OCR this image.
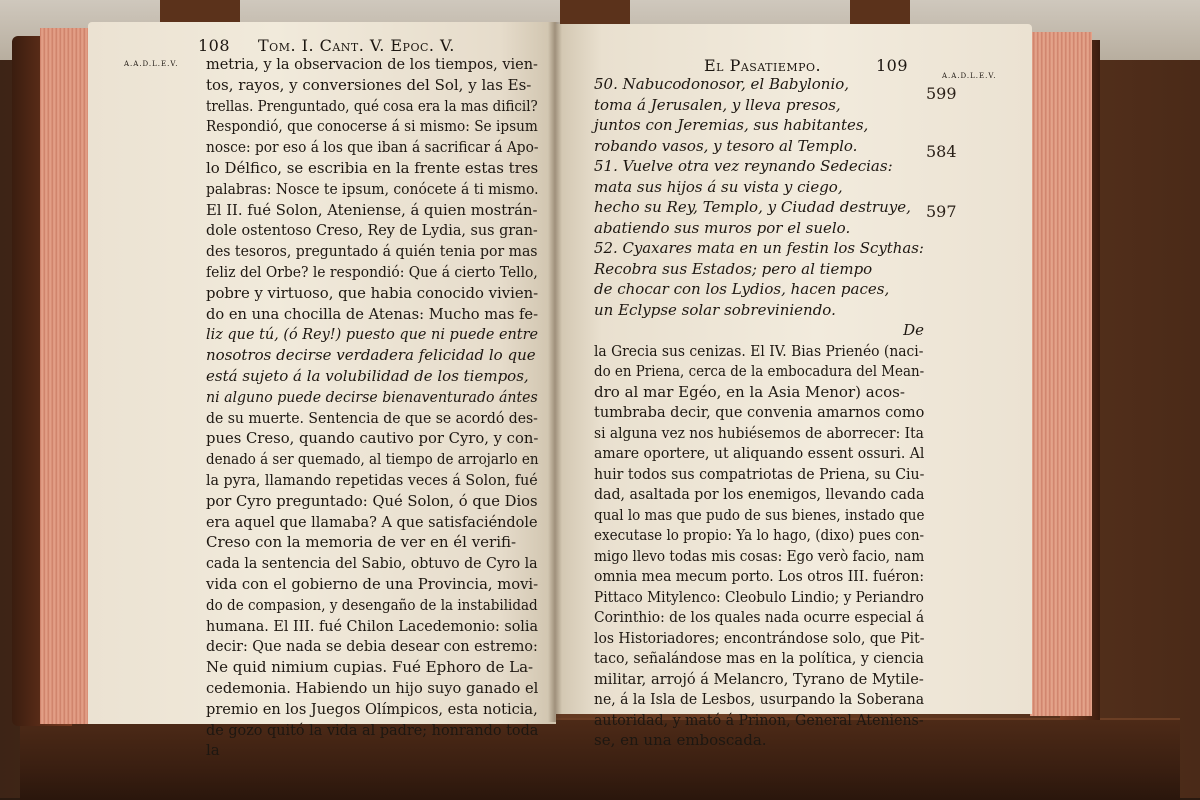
108 Tom. I. Cant. V. Epoc. V.
A.A.D.L.E.V. metria, y la observacion de los tiempos, vien-
tos, rayos, y conversiones del Sol, y las Es-
trellas. Prenguntado, qué cosa era la mas dificil?
Respondió, que conocerse á si mismo: Se ipsum
nosce: por eso á los que iban á sacrificar á Apo-
lo Délfico, se escribia en la frente estas tres
palabras: Nosce te ipsum, conócete á ti mismo.
El II. fué Solon, Ateniense, á quien mostrán-
dole ostentoso Creso, Rey de Lydia, sus gran-
des tesoros, preguntado á quién tenia por mas
feliz del Orbe? le respondió: Que á cierto Tello,
pobre y virtuoso, que habia conocido vivien-
do en una chocilla de Atenas: Mucho mas fe-
liz que tú, (ó Rey!) puesto que ni puede entre
nosotros decirse verdadera felicidad lo que
está sujeto á la volubilidad de los tiempos,
ni alguno puede decirse bienaventurado ántes
de su muerte. Sentencia de que se acordó des-
pues Creso, quando cautivo por Cyro, y con-
denado á ser quemado, al tiempo de arrojarlo en
la pyra, llamando repetidas veces á Solon, fué
por Cyro preguntado: Qué Solon, ó que Dios
era aquel que llamaba? A que satisfaciéndole
Creso con la memoria de ver en él verifi-
cada la sentencia del Sabio, obtuvo de Cyro la
vida con el gobierno de una Provincia, movi-
do de compasion, y desengaño de la instabilidad
humana. El III. fué Chilon Lacedemonio: solia
decir: Que nada se debia desear con estremo:
Ne quid nimium cupias. Fué Ephoro de La-
cedemonia. Habiendo un hijo suyo ganado el
premio en los Juegos Olímpicos, esta noticia,
de gozo quitó la vida al padre; honrando toda
la
El Pasatiempo.	109
A.A.D.L.E.V.
599
584
597
50. Nabucodonosor, el Babylonio,
toma á Jerusalen, y lleva presos,
juntos con Jeremias, sus habitantes,
robando vasos, y tesoro al Templo.
51. Vuelve otra vez reynando Sedecias:
mata sus hijos á su vista y ciego,
hecho su Rey, Templo, y Ciudad destruye,
abatiendo sus muros por el suelo.
52. Cyaxares mata en un festin los Scythas:
Recobra sus Estados; pero al tiempo
de chocar con los Lydios, hacen paces,
un Eclypse solar sobreviniendo.
De
la Grecia sus cenizas. El IV. Bias Prienéo (naci-
do en Priena, cerca de la embocadura del Mean-
dro al mar Egéo, en la Asia Menor) acos-
tumbraba decir, que convenia amarnos como
si alguna vez nos hubiésemos de aborrecer: Ita
amare oportere, ut aliquando essent ossuri. Al
huir todos sus compatriotas de Priena, su Ciu-
dad, asaltada por los enemigos, llevando cada
qual lo mas que pudo de sus bienes, instado que
executase lo propio: Ya lo hago, (dixo) pues con-
migo llevo todas mis cosas: Ego verò facio, nam
omnia mea mecum porto. Los otros III. fuéron:
Pittaco Mitylenco: Cleobulo Lindio; y Periandro
Corinthio: de los quales nada ocurre especial á
los Historiadores; encontrándose solo, que Pit-
taco, señalándose mas en la política, y ciencia
militar, arrojó á Melancro, Tyrano de Mytile-
ne, á la Isla de Lesbos, usurpando la Soberana
autoridad, y mató á Prinon, General Ateniens-
se, en una emboscada.
